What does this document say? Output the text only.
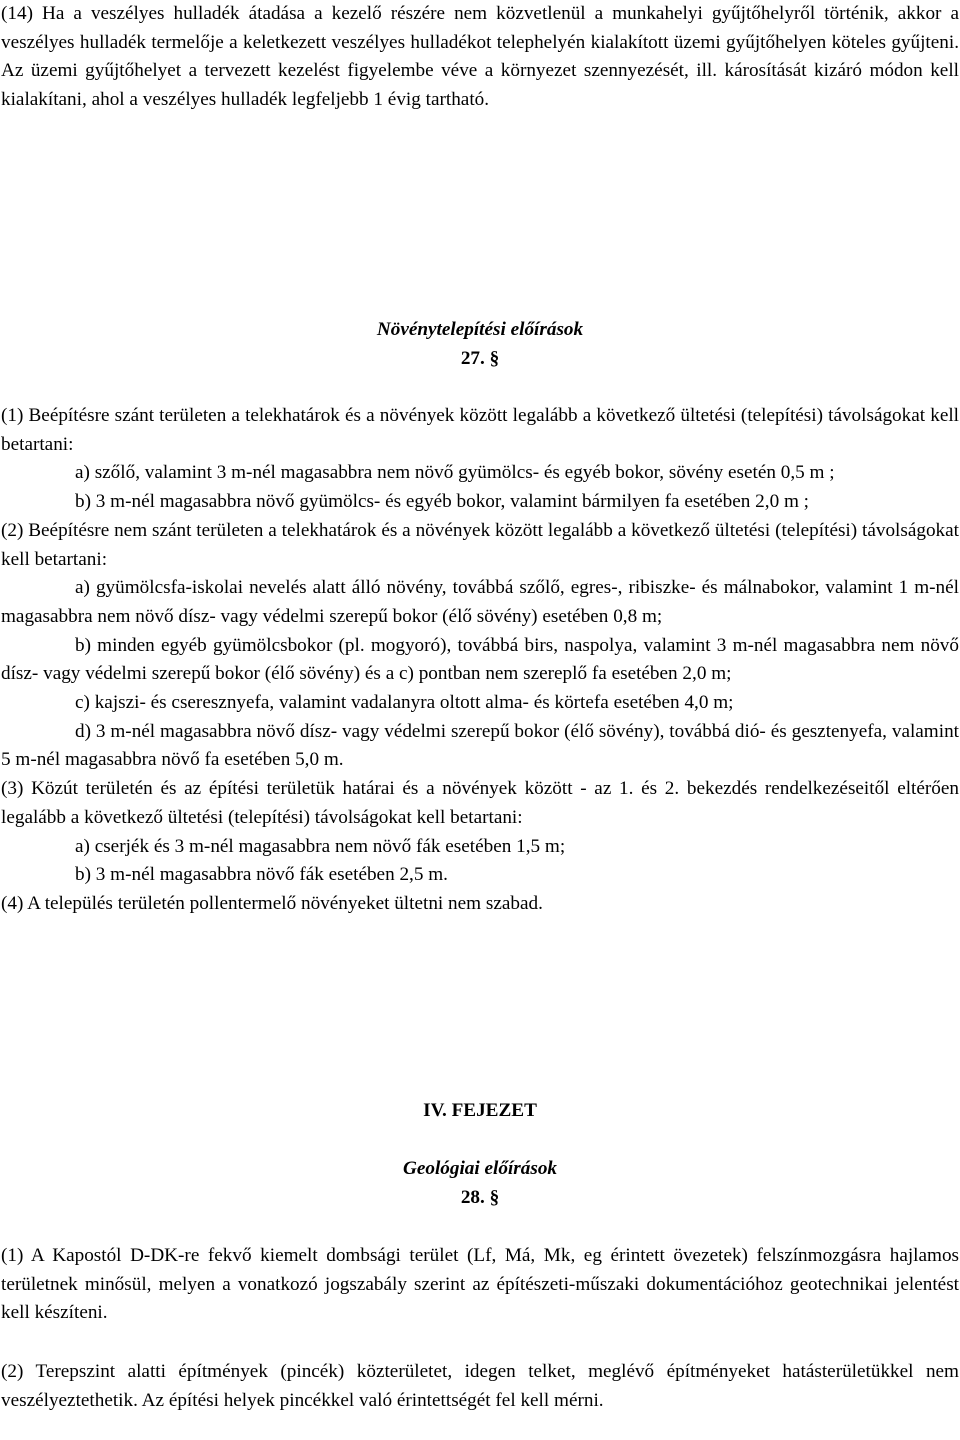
(14) Ha a veszélyes hulladék átadása a kezelő részére nem közvetlenül a munkahelyi gyűjtőhelyről történik, akkor a veszélyes hulladék termelője a keletkezett veszélyes hulladékot telephelyén kialakított üzemi gyűjtőhelyen köteles gyűjteni. Az üzemi gyűjtőhelyet a tervezett kezelést figyelembe véve a környezet szennyezését, ill. károsítását kizáró módon kell kialakítani, ahol a veszélyes hulladék legfeljebb 1 évig tartható.

Növénytelepítési előírások

27. §

(1) Beépítésre szánt területen a telekhatárok és a növények között legalább a következő ültetési (telepítési) távolságokat kell betartani:

a) szőlő, valamint 3 m-nél magasabbra nem növő gyümölcs- és egyéb bokor, sövény esetén 0,5 m ;

b) 3 m-nél magasabbra növő gyümölcs- és egyéb bokor, valamint bármilyen fa esetében 2,0 m ;

(2) Beépítésre nem szánt területen a telekhatárok és a növények között legalább a következő ültetési (telepítési) távolságokat kell betartani:

a) gyümölcsfa-iskolai nevelés alatt álló növény, továbbá szőlő, egres-, ribiszke- és málnabokor, valamint 1 m-nél magasabbra nem növő dísz- vagy védelmi szerepű bokor (élő sövény) esetében 0,8 m;

b) minden egyéb gyümölcsbokor (pl. mogyoró), továbbá birs, naspolya, valamint 3 m-nél magasabbra nem növő dísz- vagy védelmi szerepű bokor (élő sövény) és a c) pontban nem szereplő fa esetében 2,0 m;

c) kajszi- és cseresznyefa, valamint vadalanyra oltott alma- és körtefa esetében 4,0 m;

d) 3 m-nél magasabbra növő dísz- vagy védelmi szerepű bokor (élő sövény), továbbá dió- és gesztenyefa, valamint 5 m-nél magasabbra növő fa esetében 5,0 m.

(3) Közút területén és az építési területük határai és a növények között - az 1. és 2. bekezdés rendelkezéseitől eltérően legalább a következő ültetési (telepítési) távolságokat kell betartani:

a) cserjék és 3 m-nél magasabbra nem növő fák esetében 1,5 m;

b) 3 m-nél magasabbra növő fák esetében 2,5 m.

(4) A település területén pollentermelő növényeket ültetni nem szabad.

IV. FEJEZET

Geológiai előírások

28. §

(1) A Kapostól D-DK-re fekvő kiemelt dombsági terület (Lf, Má, Mk, eg érintett övezetek) felszínmozgásra hajlamos területnek minősül, melyen a vonatkozó jogszabály szerint az építészeti-műszaki dokumentációhoz geotechnikai jelentést kell készíteni.

(2) Terepszint alatti építmények (pincék) közterületet, idegen telket, meglévő építményeket hatásterületükkel nem veszélyeztethetik. Az építési helyek pincékkel való érintettségét fel kell mérni.
